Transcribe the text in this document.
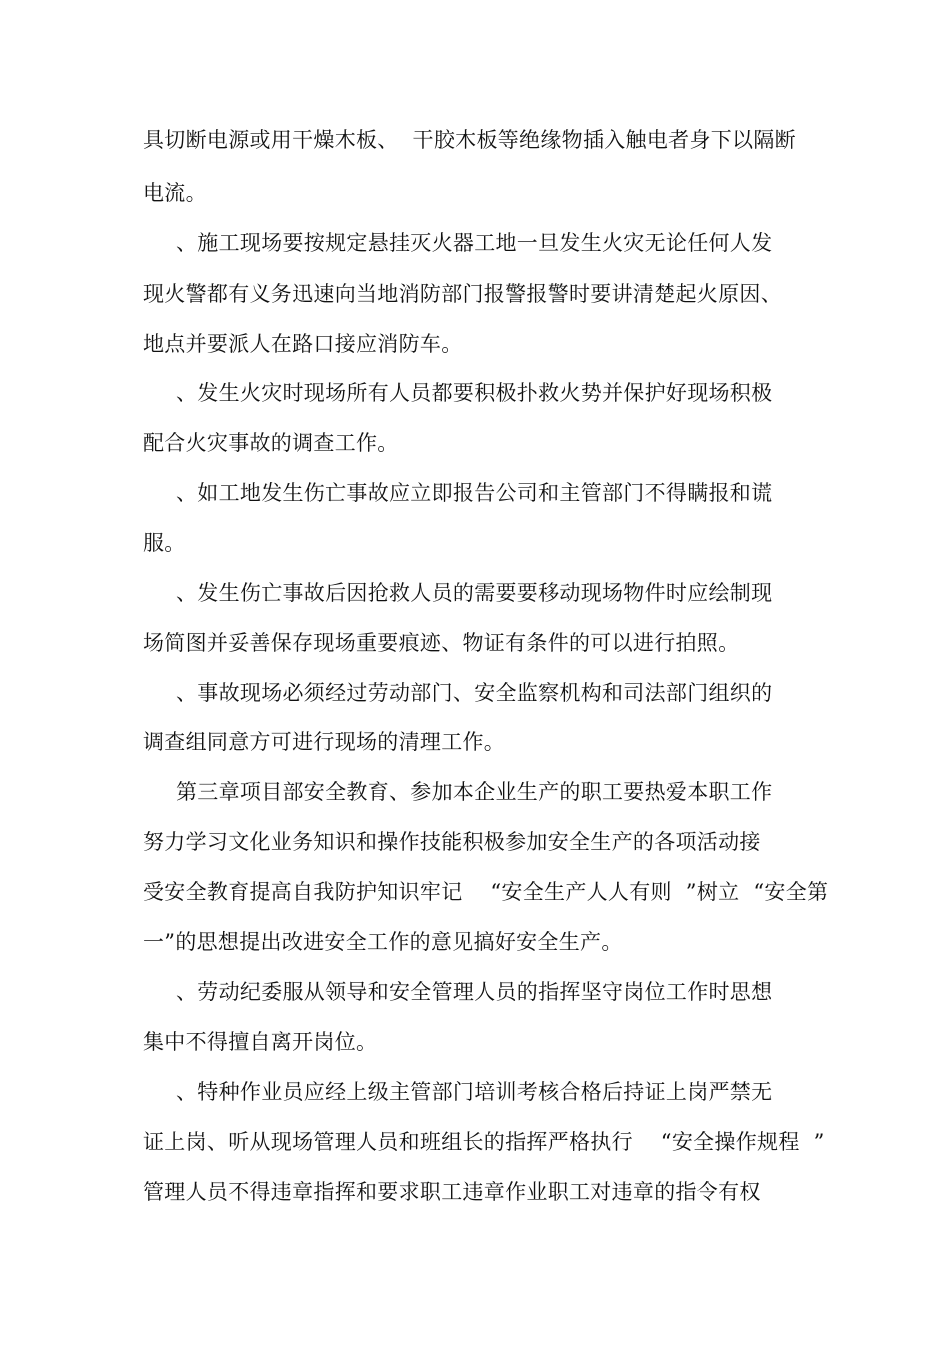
具切断电源或用干燥木板、  干胶木板等绝缘物插入触电者身下以隔断
电流。
、施工现场要按规定悬挂灭火器工地一旦发生火灾无论任何人发
现火警都有义务迅速向当地消防部门报警报警时要讲清楚起火原因、
地点并要派人在路口接应消防车。
、发生火灾时现场所有人员都要积极扑救火势并保护好现场积极
配合火灾事故的调查工作。
、如工地发生伤亡事故应立即报告公司和主管部门不得瞒报和谎
服。
、发生伤亡事故后因抢救人员的需要要移动现场物件时应绘制现
场简图并妥善保存现场重要痕迹、物证有条件的可以进行拍照。
、事故现场必须经过劳动部门、安全监察机构和司法部门组织的
调查组同意方可进行现场的清理工作。
第三章项目部安全教育、参加本企业生产的职工要热爱本职工作
努力学习文化业务知识和操作技能积极参加安全生产的各项活动接
受安全教育提高自我防护知识牢记    “安全生产人人有则  ”树立  “安全第
一”的思想提出改进安全工作的意见搞好安全生产。
、劳动纪委服从领导和安全管理人员的指挥坚守岗位工作时思想
集中不得擅自离开岗位。
、特种作业员应经上级主管部门培训考核合格后持证上岗严禁无
证上岗、听从现场管理人员和班组长的指挥严格执行    “安全操作规程  ”
管理人员不得违章指挥和要求职工违章作业职工对违章的指令有权
